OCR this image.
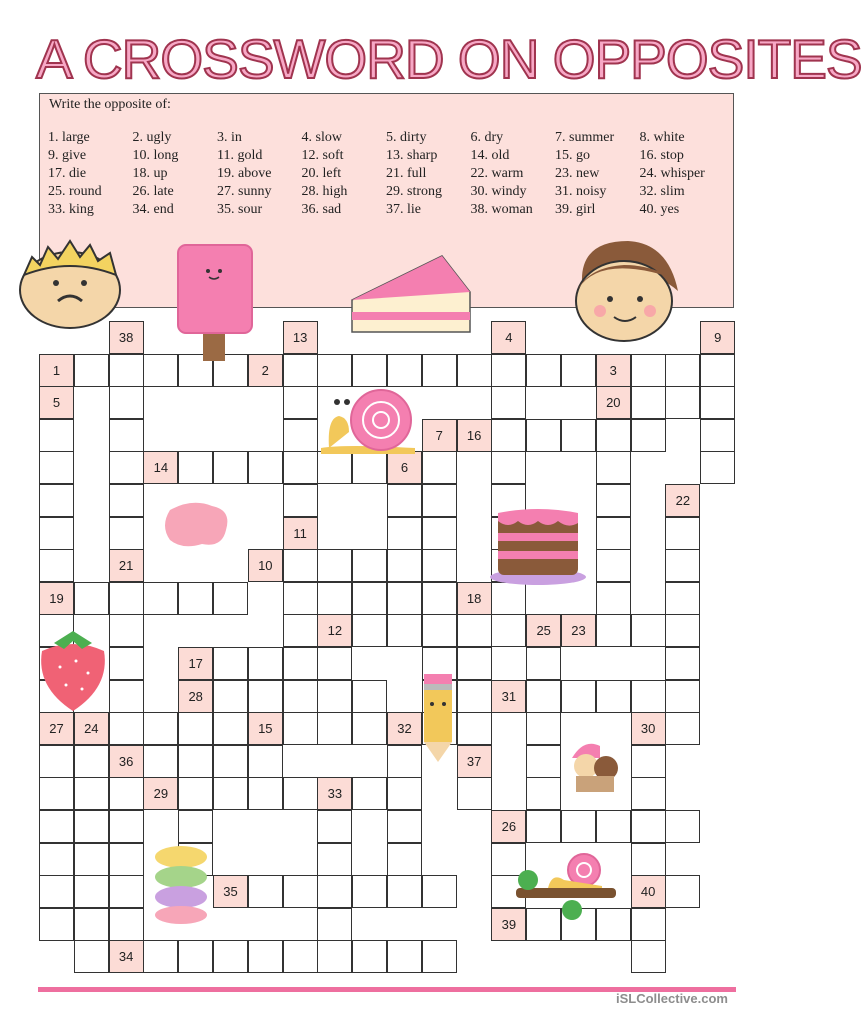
A CROSSWORD ON OPPOSITES
Write the opposite of:
1. large	2. ugly	3. in	4. slow	5. dirty	6. dry	7. summer	8. white
9. give	10. long	11. gold	12. soft	13. sharp	14. old	15. go	16. stop
17. die	18. up	19. above	20. left	21. full	22. warm	23. new	24. whisper
25. round	26. late	27. sunny	28. high	29. strong	30. windy	31. noisy	32. slim
33. king	34. end	35. sour	36. sad	37. lie	38. woman	39. girl	40. yes
1	2	3
5
19
27
38
21
36
34
13
11
4	9
20
7	16
14	6
22
10
18
37
12	25	23
17
28	31
24	15	32	30
40
33
26
35
39
29
iSLCollective.com
